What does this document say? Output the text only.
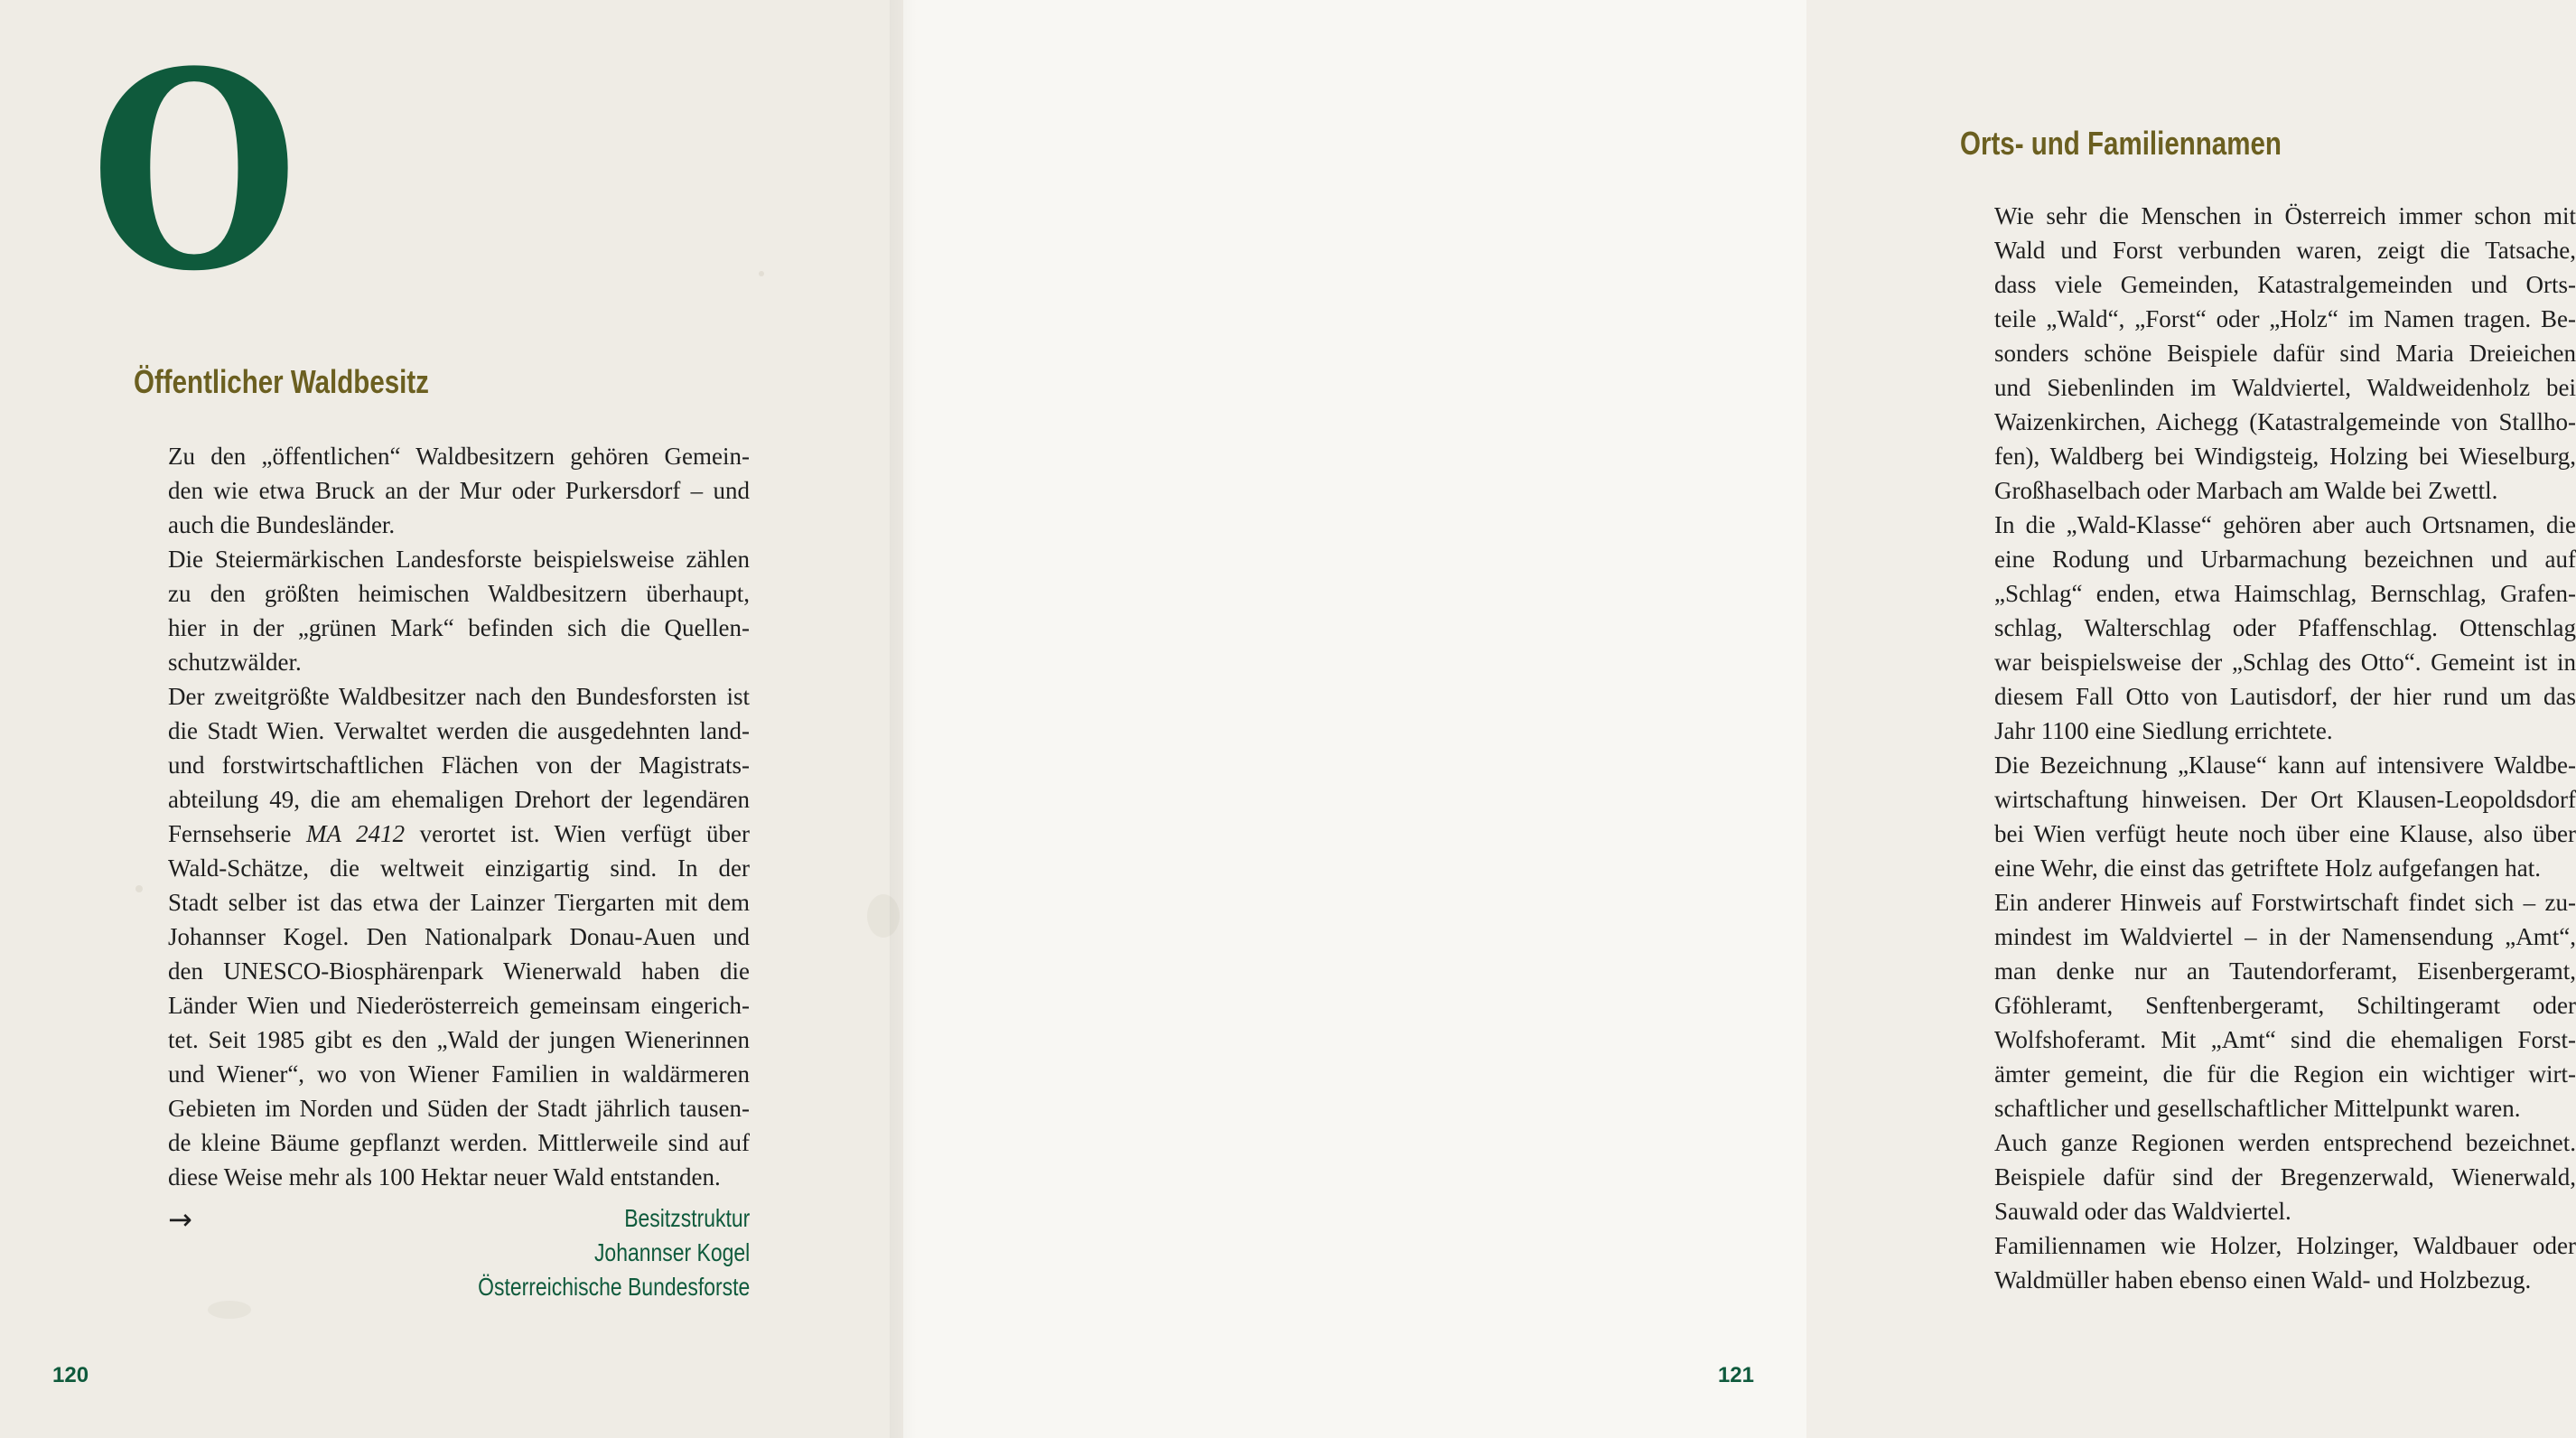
O
Öffentlicher Waldbesitz

Zu den „öffentlichen“ Waldbesitzern gehören Gemein-
den wie etwa Bruck an der Mur oder Purkersdorf – und
auch die Bundesländer.

Die Steiermärkischen Landesforste beispielsweise zählen
zu den größten heimischen Waldbesitzern überhaupt,
hier in der „grünen Mark“ befinden sich die Quellen-
schutzwälder.

Der zweitgrößte Waldbesitzer nach den Bundesforsten ist
die Stadt Wien. Verwaltet werden die ausgedehnten land-
und forstwirtschaftlichen Flächen von der Magistrats-
abteilung 49, die am ehemaligen Drehort der legendären
Fernsehserie MA 2412 verortet ist. Wien verfügt über
Wald-Schätze, die weltweit einzigartig sind. In der
Stadt selber ist das etwa der Lainzer Tiergarten mit dem
Johannser Kogel. Den Nationalpark Donau-Auen und
den UNESCO-Biosphärenpark Wienerwald haben die
Länder Wien und Niederösterreich gemeinsam eingerich-
tet. Seit 1985 gibt es den „Wald der jungen Wienerinnen
und Wiener“, wo von Wiener Familien in waldärmeren
Gebieten im Norden und Süden der Stadt jährlich tausen-
de kleine Bäume gepflanzt werden. Mittlerweile sind auf
diese Weise mehr als 100 Hektar neuer Wald entstanden.

→	Besitzstruktur
Johannser Kogel
Österreichische Bundesforste
120
Orts- und Familiennamen

Wie sehr die Menschen in Österreich immer schon mit
Wald und Forst verbunden waren, zeigt die Tatsache,
dass viele Gemeinden, Katastralgemeinden und Orts-
teile „Wald“, „Forst“ oder „Holz“ im Namen tragen. Be-
sonders schöne Beispiele dafür sind Maria Dreieichen
und Siebenlinden im Waldviertel, Waldweidenholz bei
Waizenkirchen, Aichegg (Katastralgemeinde von Stallho-
fen), Waldberg bei Windigsteig, Holzing bei Wieselburg,
Großhaselbach oder Marbach am Walde bei Zwettl.

In die „Wald-Klasse“ gehören aber auch Ortsnamen, die
eine Rodung und Urbarmachung bezeichnen und auf
„Schlag“ enden, etwa Haimschlag, Bernschlag, Grafen-
schlag, Walterschlag oder Pfaffenschlag. Ottenschlag
war beispielsweise der „Schlag des Otto“. Gemeint ist in
diesem Fall Otto von Lautisdorf, der hier rund um das
Jahr 1100 eine Siedlung errichtete.

Die Bezeichnung „Klause“ kann auf intensivere Waldbe-
wirtschaftung hinweisen. Der Ort Klausen-Leopoldsdorf
bei Wien verfügt heute noch über eine Klause, also über
eine Wehr, die einst das getriftete Holz aufgefangen hat.

Ein anderer Hinweis auf Forstwirtschaft findet sich – zu-
mindest im Waldviertel – in der Namensendung „Amt“,
man denke nur an Tautendorferamt, Eisenbergeramt,
Gföhleramt, Senftenbergeramt, Schiltingeramt oder
Wolfshoferamt. Mit „Amt“ sind die ehemaligen Forst-
ämter gemeint, die für die Region ein wichtiger wirt-
schaftlicher und gesellschaftlicher Mittelpunkt waren.

Auch ganze Regionen werden entsprechend bezeichnet.
Beispiele dafür sind der Bregenzerwald, Wienerwald,
Sauwald oder das Waldviertel.

Familiennamen wie Holzer, Holzinger, Waldbauer oder
Waldmüller haben ebenso einen Wald- und Holzbezug.

121
